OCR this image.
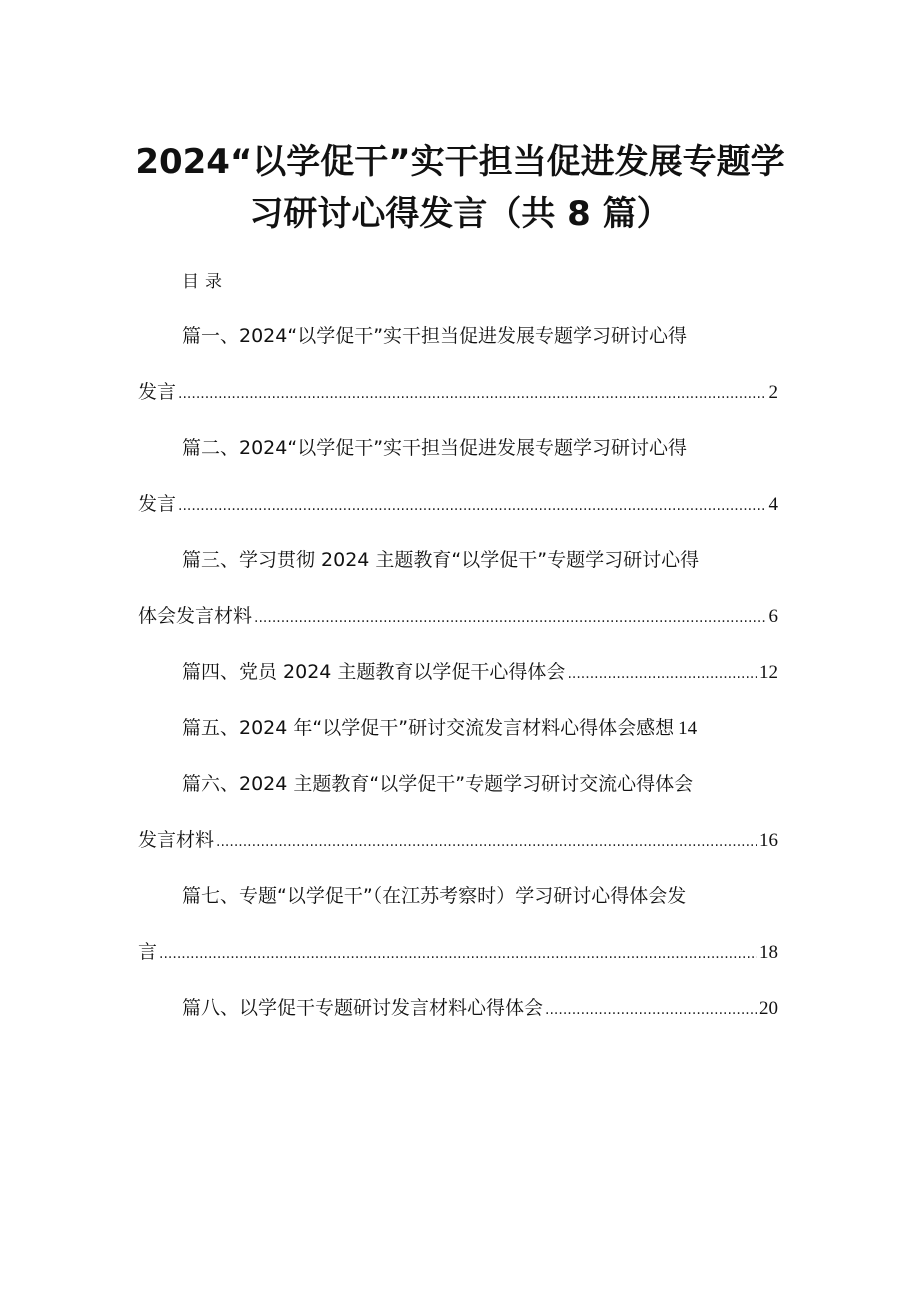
2024“以学促干”实干担当促进发展专题学
习研讨心得发言（共 8 篇）
目录
篇一、2024“以学促干”实干担当促进发展专题学习研讨心得
发言 .....	2
篇二、2024“以学促干”实干担当促进发展专题学习研讨心得
发言 .....	4
篇三、学习贯彻 2024 主题教育“以学促干”专题学习研讨心得
体会发言材料 .....	6
篇四、党员 2024 主题教育以学促干心得体会 .....	12
篇五、2024 年“以学促干”研讨交流发言材料心得体会感想 14
篇六、2024 主题教育“以学促干”专题学习研讨交流心得体会
发言材料 .....	16
篇七、专题“以学促干”（在江苏考察时）学习研讨心得体会发
言 .....	18
篇八、以学促干专题研讨发言材料心得体会 .....	20
